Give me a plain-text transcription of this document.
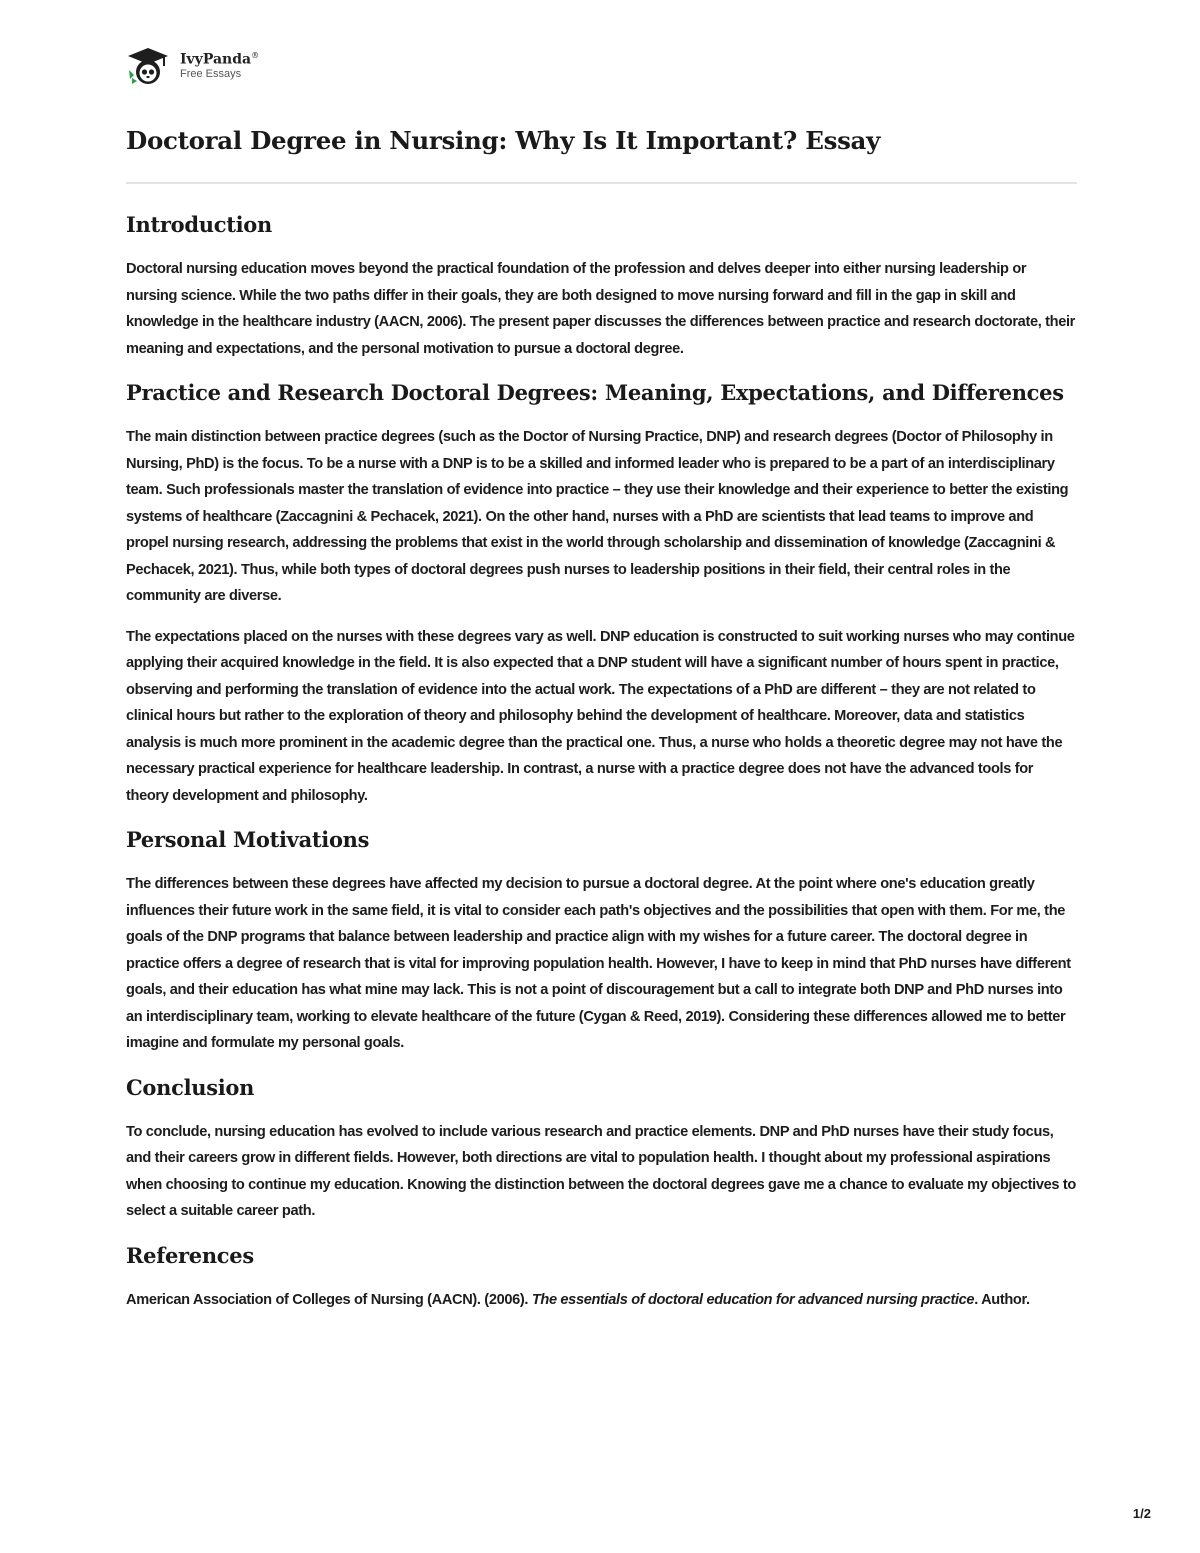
IvyPanda®
Free Essays
Doctoral Degree in Nursing: Why Is It Important? Essay
Introduction

Doctoral nursing education moves beyond the practical foundation of the profession and delves deeper into either nursing leadership or nursing science. While the two paths differ in their goals, they are both designed to move nursing forward and fill in the gap in skill and knowledge in the healthcare industry (AACN, 2006). The present paper discusses the differences between practice and research doctorate, their meaning and expectations, and the personal motivation to pursue a doctoral degree.

Practice and Research Doctoral Degrees: Meaning, Expectations, and Differences

The main distinction between practice degrees (such as the Doctor of Nursing Practice, DNP) and research degrees (Doctor of Philosophy in Nursing, PhD) is the focus. To be a nurse with a DNP is to be a skilled and informed leader who is prepared to be a part of an interdisciplinary team. Such professionals master the translation of evidence into practice – they use their knowledge and their experience to better the existing systems of healthcare (Zaccagnini & Pechacek, 2021). On the other hand, nurses with a PhD are scientists that lead teams to improve and propel nursing research, addressing the problems that exist in the world through scholarship and dissemination of knowledge (Zaccagnini & Pechacek, 2021). Thus, while both types of doctoral degrees push nurses to leadership positions in their field, their central roles in the community are diverse.

The expectations placed on the nurses with these degrees vary as well. DNP education is constructed to suit working nurses who may continue applying their acquired knowledge in the field. It is also expected that a DNP student will have a significant number of hours spent in practice, observing and performing the translation of evidence into the actual work. The expectations of a PhD are different – they are not related to clinical hours but rather to the exploration of theory and philosophy behind the development of healthcare. Moreover, data and statistics analysis is much more prominent in the academic degree than the practical one. Thus, a nurse who holds a theoretic degree may not have the necessary practical experience for healthcare leadership. In contrast, a nurse with a practice degree does not have the advanced tools for theory development and philosophy.

Personal Motivations

The differences between these degrees have affected my decision to pursue a doctoral degree. At the point where one's education greatly influences their future work in the same field, it is vital to consider each path's objectives and the possibilities that open with them. For me, the goals of the DNP programs that balance between leadership and practice align with my wishes for a future career. The doctoral degree in practice offers a degree of research that is vital for improving population health. However, I have to keep in mind that PhD nurses have different goals, and their education has what mine may lack. This is not a point of discouragement but a call to integrate both DNP and PhD nurses into an interdisciplinary team, working to elevate healthcare of the future (Cygan & Reed, 2019). Considering these differences allowed me to better imagine and formulate my personal goals.

Conclusion

To conclude, nursing education has evolved to include various research and practice elements. DNP and PhD nurses have their study focus, and their careers grow in different fields. However, both directions are vital to population health. I thought about my professional aspirations when choosing to continue my education. Knowing the distinction between the doctoral degrees gave me a chance to evaluate my objectives to select a suitable career path.

References

American Association of Colleges of Nursing (AACN). (2006). The essentials of doctoral education for advanced nursing practice. Author.

1/2
